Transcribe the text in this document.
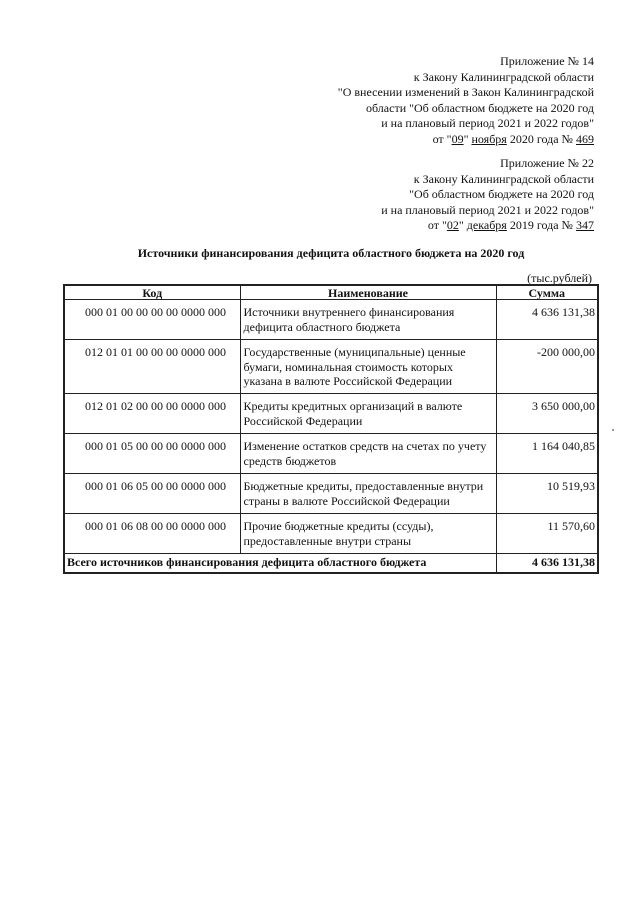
Приложение № 14
к Закону Калининградской области
"О внесении изменений в Закон Калининградской
области "Об областном бюджете на 2020 год
и на плановый период 2021 и 2022 годов"
от "09" ноября 2020 года № 469
Приложение № 22
к Закону Калининградской области
"Об областном бюджете на 2020 год
и на плановый период 2021 и 2022 годов"
от "02" декабря 2019 года № 347
Источники финансирования дефицита областного бюджета на 2020 год
(тыс.рублей)
Код	Наименование	Сумма
000 01 00 00 00 00 0000 000	Источники внутреннего финансирования дефицита областного бюджета	4 636 131,38
012 01 01 00 00 00 0000 000	Государственные (муниципальные) ценные бумаги, номинальная стоимость которых указана в валюте Российской Федерации	-200 000,00
012 01 02 00 00 00 0000 000	Кредиты кредитных организаций в валюте Российской Федерации	3 650 000,00
000 01 05 00 00 00 0000 000	Изменение остатков средств на счетах по учету средств бюджетов	1 164 040,85
000 01 06 05 00 00 0000 000	Бюджетные кредиты, предоставленные внутри страны в валюте Российской Федерации	10 519,93
000 01 06 08 00 00 0000 000	Прочие бюджетные кредиты (ссуды), предоставленные внутри страны	11 570,60
Всего источников финансирования дефицита областного бюджета		4 636 131,38
